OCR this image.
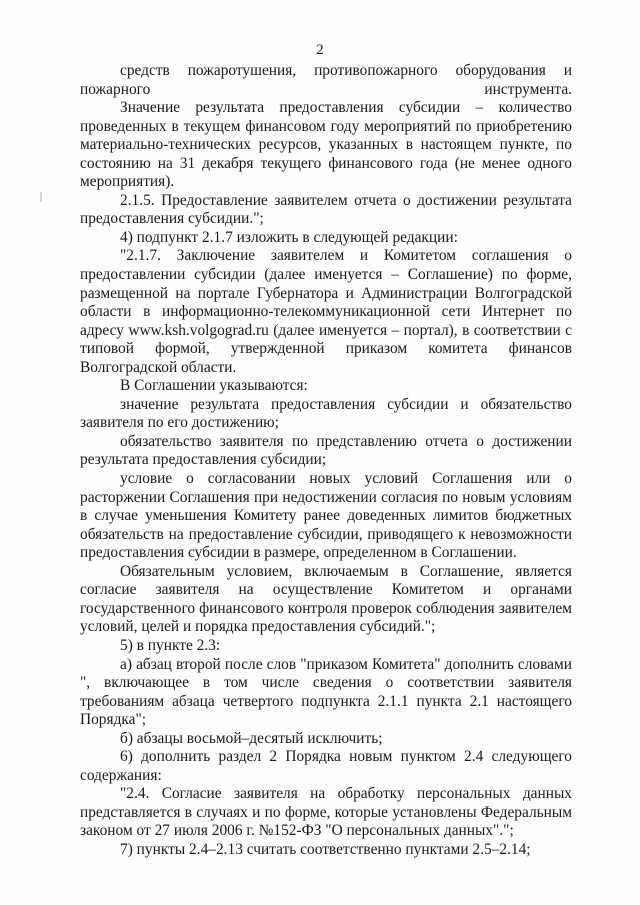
2

средств пожаротушения, противопожарного оборудования и пожарного инструмента.

Значение результата предоставления субсидии – количество проведенных в текущем финансовом году мероприятий по приобретению материально-технических ресурсов, указанных в настоящем пункте, по состоянию на 31 декабря текущего финансового года (не менее одного мероприятия).

2.1.5. Предоставление заявителем отчета о достижении результата предоставления субсидии.";

4) подпункт 2.1.7 изложить в следующей редакции:

"2.1.7. Заключение заявителем и Комитетом соглашения о предоставлении субсидии (далее именуется – Соглашение) по форме, размещенной на портале Губернатора и Администрации Волгоградской области в информационно-телекоммуникационной сети Интернет по адресу www.ksh.volgograd.ru (далее именуется – портал), в соответствии с типовой формой, утвержденной приказом комитета финансов Волгоградской области.

В Соглашении указываются:

значение результата предоставления субсидии и обязательство заявителя по его достижению;

обязательство заявителя по представлению отчета о достижении результата предоставления субсидии;

условие о согласовании новых условий Соглашения или о расторжении Соглашения при недостижении согласия по новым условиям в случае уменьшения Комитету ранее доведенных лимитов бюджетных обязательств на предоставление субсидии, приводящего к невозможности предоставления субсидии в размере, определенном в Соглашении.

Обязательным условием, включаемым в Соглашение, является согласие заявителя на осуществление Комитетом и органами государственного финансового контроля проверок соблюдения заявителем условий, целей и порядка предоставления субсидий.";

5) в пункте 2.3:

а) абзац второй после слов "приказом Комитета" дополнить словами ", включающее в том числе сведения о соответствии заявителя требованиям абзаца четвертого подпункта 2.1.1 пункта 2.1 настоящего Порядка";

б) абзацы восьмой–десятый исключить;

6) дополнить раздел 2 Порядка новым пунктом 2.4 следующего содержания:

"2.4. Согласие заявителя на обработку персональных данных представляется в случаях и по форме, которые установлены Федеральным законом от 27 июля 2006 г. №152-ФЗ "О персональных данных".";

7) пункты 2.4–2.13 считать соответственно пунктами 2.5–2.14;
